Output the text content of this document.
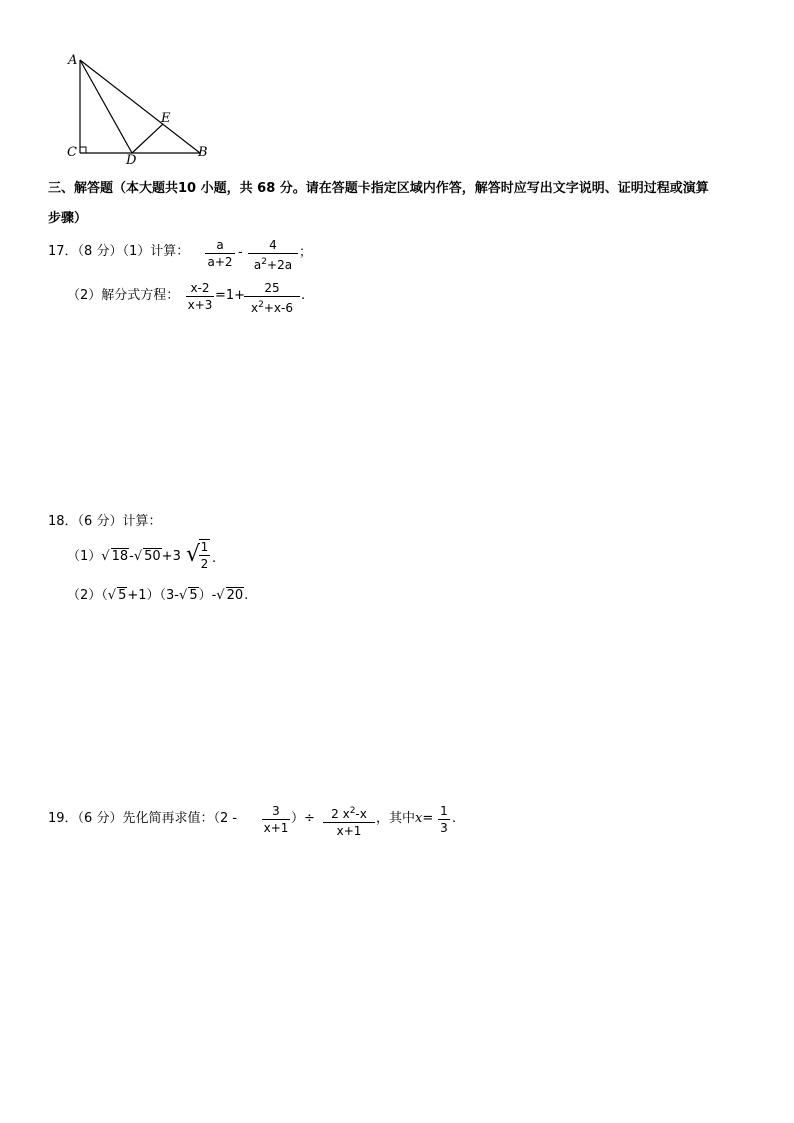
A
C
D
E
B
三、解答题（本大题共10 小题，共 68 分。请在答题卡指定区域内作答，解答时应写出文字说明、证明过程或演算
步骤）
17．（8 分）（1）计算：	a
a+2
-	4
$a^2+2a$
；
（2）解分式方程： x-2
x+3
=1+	25
$x^2+x-6$
.
18．（6 分）计算：
（1）√ 18-√ 50+3 √ 1
2 .
（2）（√ 5+1）（3-√ 5）-√ 20.
19．（6 分）先化简再求值：（2 -	3
x+1
）÷	2 $x^2-x$
x+1
，其中x= 1
3
.
